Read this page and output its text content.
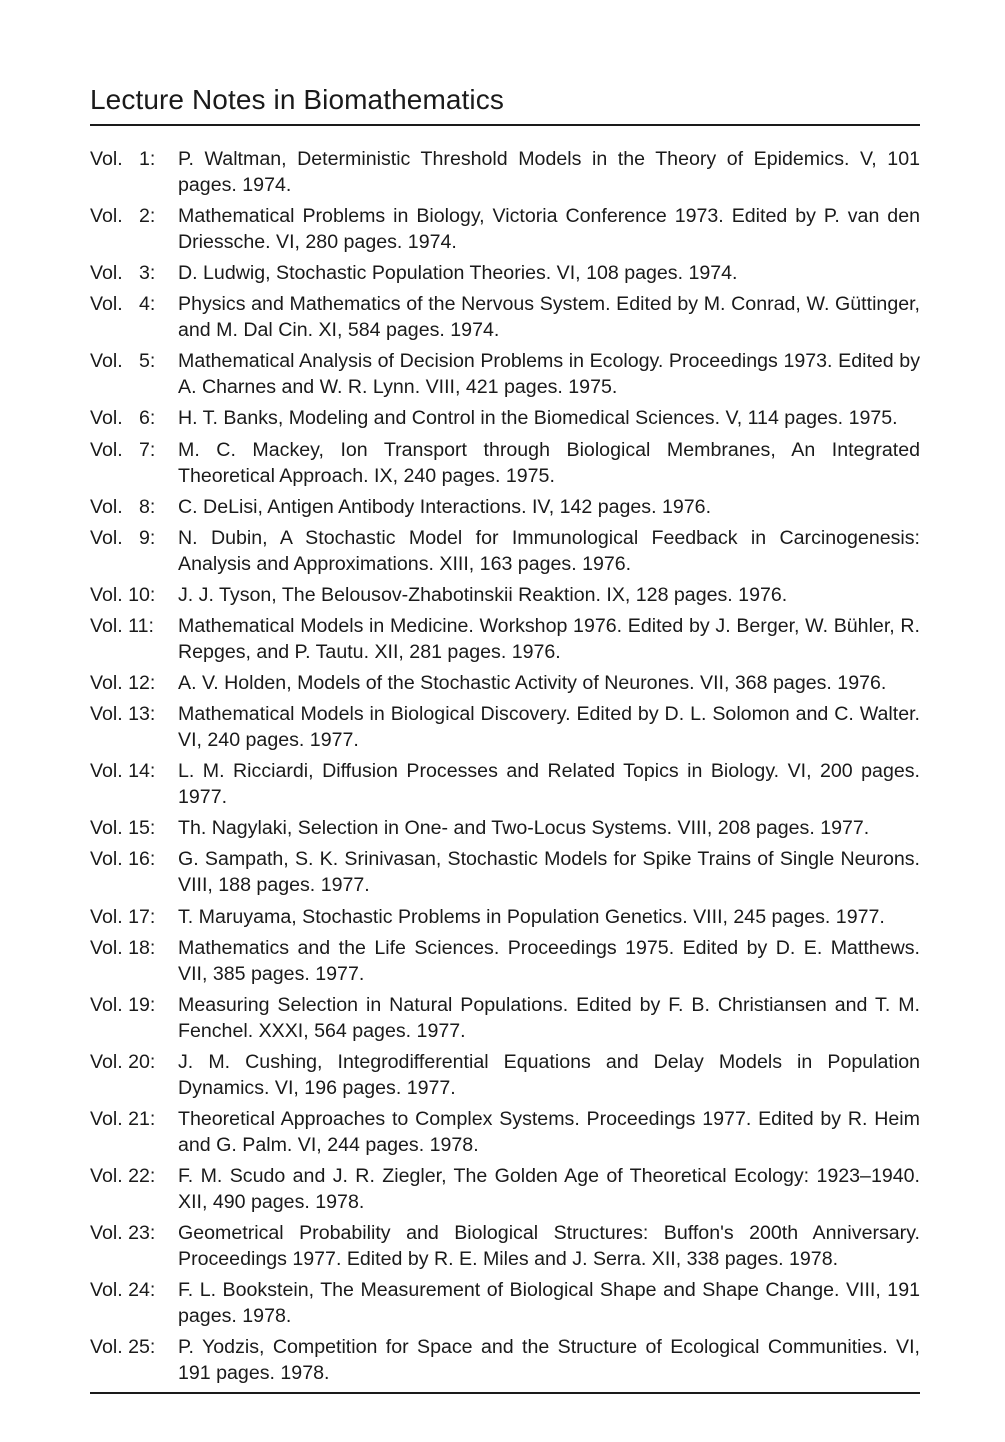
Lecture Notes in Biomathematics
Vol.   1:	P. Waltman, Deterministic Threshold Models in the Theory of Epidemics. V, 101 pages. 1974.
Vol.   2:	Mathematical Problems in Biology, Victoria Conference 1973. Edited by P. van den Driessche. VI, 280 pages. 1974.
Vol.   3:	D. Ludwig, Stochastic Population Theories. VI, 108 pages. 1974.
Vol.   4:	Physics and Mathematics of the Nervous System. Edited by M. Conrad, W. Güttinger, and M. Dal Cin. XI, 584 pages. 1974.
Vol.   5:	Mathematical Analysis of Decision Problems in Ecology. Proceedings 1973. Edited by A. Charnes and W. R. Lynn. VIII, 421 pages. 1975.
Vol.   6:	H. T. Banks, Modeling and Control in the Biomedical Sciences. V, 114 pages. 1975.
Vol.   7:	M. C. Mackey, Ion Transport through Biological Membranes, An Integrated Theoretical Approach. IX, 240 pages. 1975.
Vol.   8:	C. DeLisi, Antigen Antibody Interactions. IV, 142 pages. 1976.
Vol.   9:	N. Dubin, A Stochastic Model for Immunological Feedback in Carcinogenesis: Analysis and Approximations. XIII, 163 pages. 1976.
Vol. 10:	J. J. Tyson, The Belousov-Zhabotinskii Reaktion. IX, 128 pages. 1976.
Vol. 11:	Mathematical Models in Medicine. Workshop 1976. Edited by J. Berger, W. Bühler, R. Repges, and P. Tautu. XII, 281 pages. 1976.
Vol. 12:	A. V. Holden, Models of the Stochastic Activity of Neurones. VII, 368 pages. 1976.
Vol. 13:	Mathematical Models in Biological Discovery. Edited by D. L. Solomon and C. Walter. VI, 240 pages. 1977.
Vol. 14:	L. M. Ricciardi, Diffusion Processes and Related Topics in Biology. VI, 200 pages. 1977.
Vol. 15:	Th. Nagylaki, Selection in One- and Two-Locus Systems. VIII, 208 pages. 1977.
Vol. 16:	G. Sampath, S. K. Srinivasan, Stochastic Models for Spike Trains of Single Neurons. VIII, 188 pages. 1977.
Vol. 17:	T. Maruyama, Stochastic Problems in Population Genetics. VIII, 245 pages. 1977.
Vol. 18:	Mathematics and the Life Sciences. Proceedings 1975. Edited by D. E. Matthews. VII, 385 pages. 1977.
Vol. 19:	Measuring Selection in Natural Populations. Edited by F. B. Christiansen and T. M. Fenchel. XXXI, 564 pages. 1977.
Vol. 20:	J. M. Cushing, Integrodifferential Equations and Delay Models in Population Dynamics. VI, 196 pages. 1977.
Vol. 21:	Theoretical Approaches to Complex Systems. Proceedings 1977. Edited by R. Heim and G. Palm. VI, 244 pages. 1978.
Vol. 22:	F. M. Scudo and J. R. Ziegler, The Golden Age of Theoretical Ecology: 1923–1940. XII, 490 pages. 1978.
Vol. 23:	Geometrical Probability and Biological Structures: Buffon's 200th Anniversary. Proceedings 1977. Edited by R. E. Miles and J. Serra. XII, 338 pages. 1978.
Vol. 24:	F. L. Bookstein, The Measurement of Biological Shape and Shape Change. VIII, 191 pages. 1978.
Vol. 25:	P. Yodzis, Competition for Space and the Structure of Ecological Communities. VI, 191 pages. 1978.
